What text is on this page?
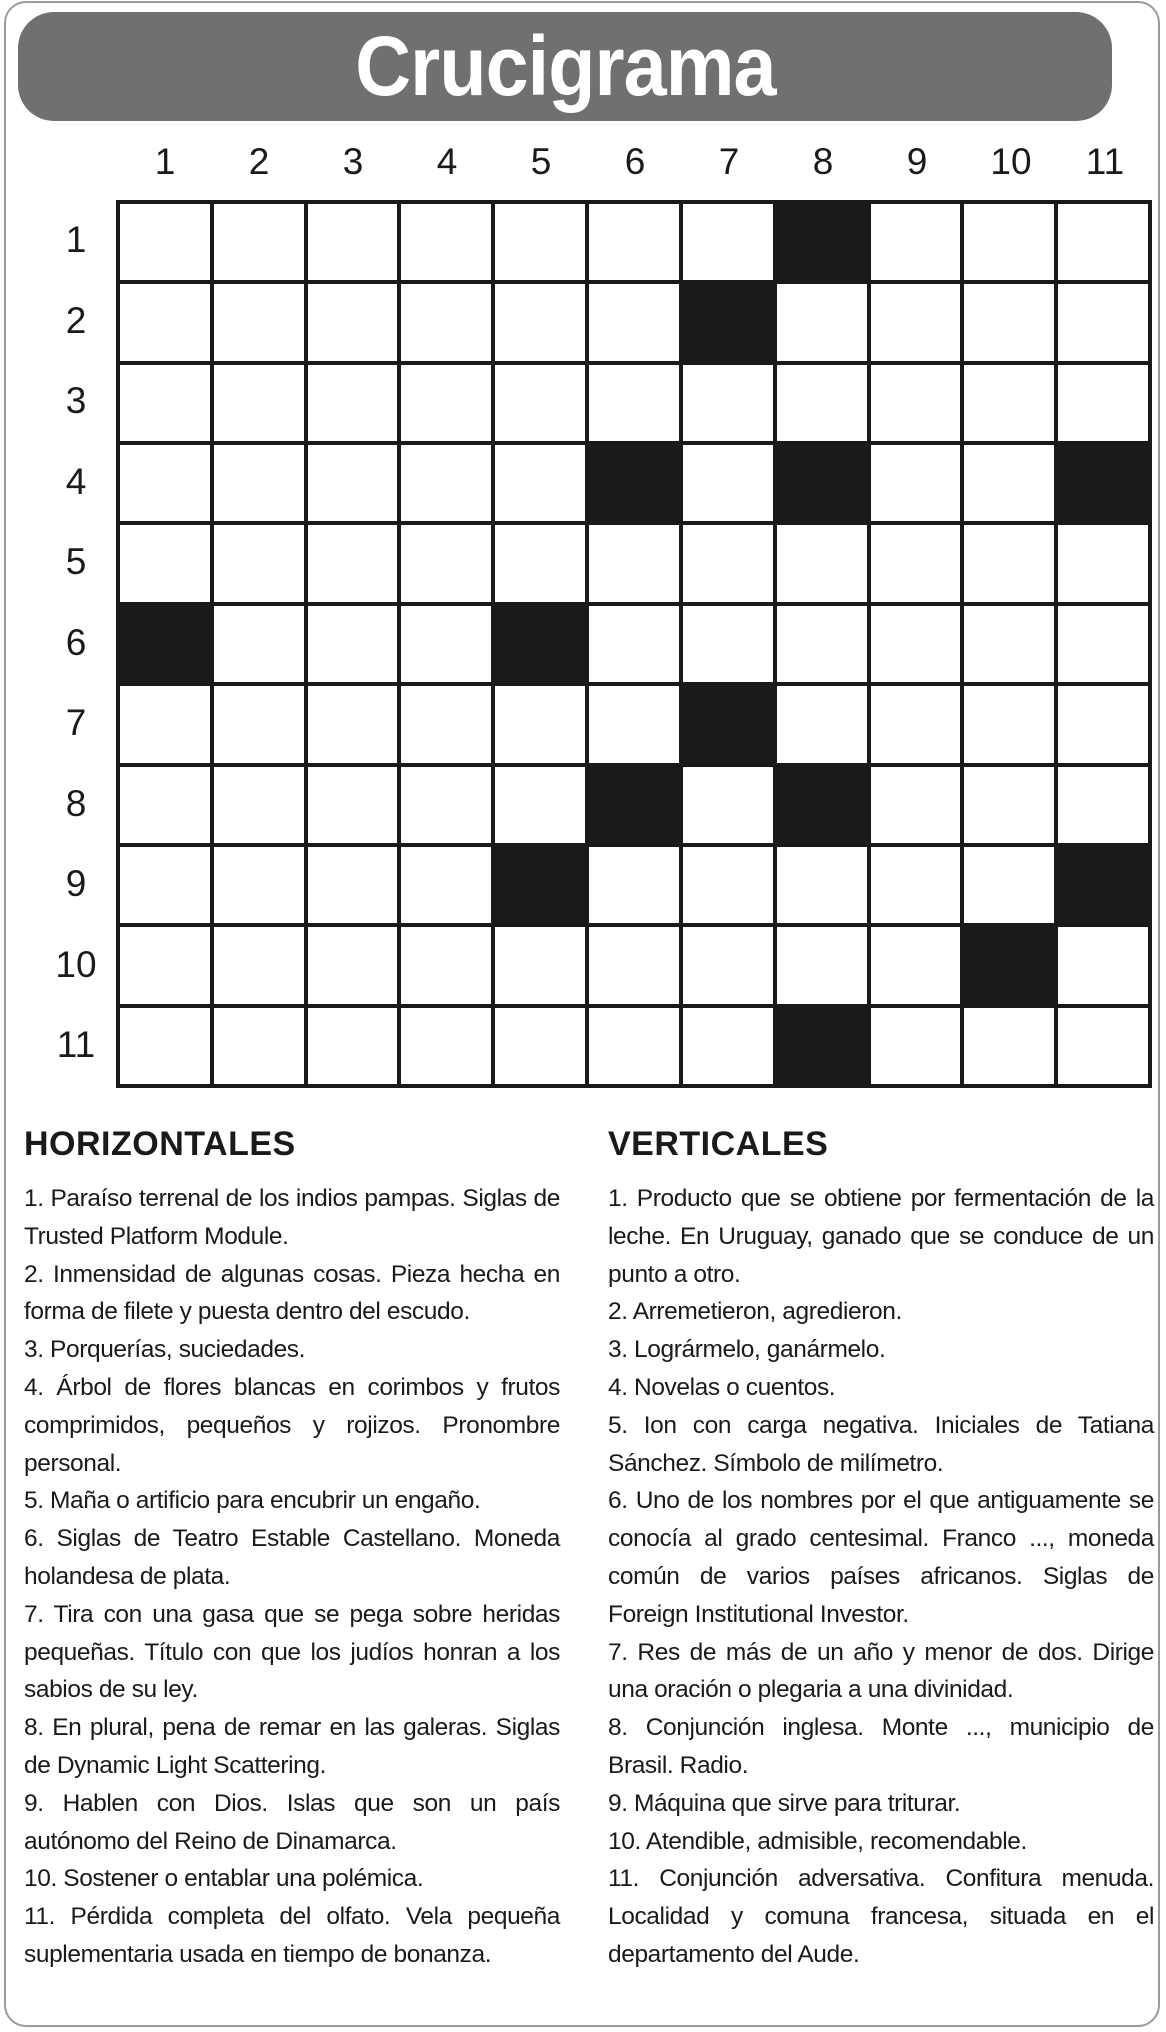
Crucigrama
1	2	3	4	5	6	7	8	9	10	11
1
2
3
4
5
6
7
8
9
10
11
HORIZONTALES
1. Paraíso terrenal de los indios pampas. Siglas de Trusted Platform Module.
2. Inmensidad de algunas cosas. Pieza hecha en forma de filete y puesta dentro del escudo.
3. Porquerías, suciedades.
4. Árbol de flores blancas en corimbos y frutos comprimidos, pequeños y rojizos. Pronombre personal.
5. Maña o artificio para encubrir un engaño.
6. Siglas de Teatro Estable Castellano. Moneda holandesa de plata.
7. Tira con una gasa que se pega sobre heridas pequeñas. Título con que los judíos honran a los sabios de su ley.
8. En plural, pena de remar en las galeras. Siglas de Dynamic Light Scattering.
9. Hablen con Dios. Islas que son un país autónomo del Reino de Dinamarca.
10. Sostener o entablar una polémica.
11. Pérdida completa del olfato. Vela pequeña suplementaria usada en tiempo de bonanza.
VERTICALES
1. Producto que se obtiene por fermentación de la leche. En Uruguay, ganado que se conduce de un punto a otro.
2. Arremetieron, agredieron.
3. Logrármelo, ganármelo.
4. Novelas o cuentos.
5. Ion con carga negativa. Iniciales de Tatiana Sánchez. Símbolo de milímetro.
6. Uno de los nombres por el que antiguamente se conocía al grado centesimal. Franco ..., moneda común de varios países africanos. Siglas de Foreign Institutional Investor.
7. Res de más de un año y menor de dos. Dirige una oración o plegaria a una divinidad.
8. Conjunción inglesa. Monte ..., municipio de Brasil. Radio.
9. Máquina que sirve para triturar.
10. Atendible, admisible, recomendable.
11. Conjunción adversativa. Confitura menuda. Localidad y comuna francesa, situada en el departamento del Aude.
